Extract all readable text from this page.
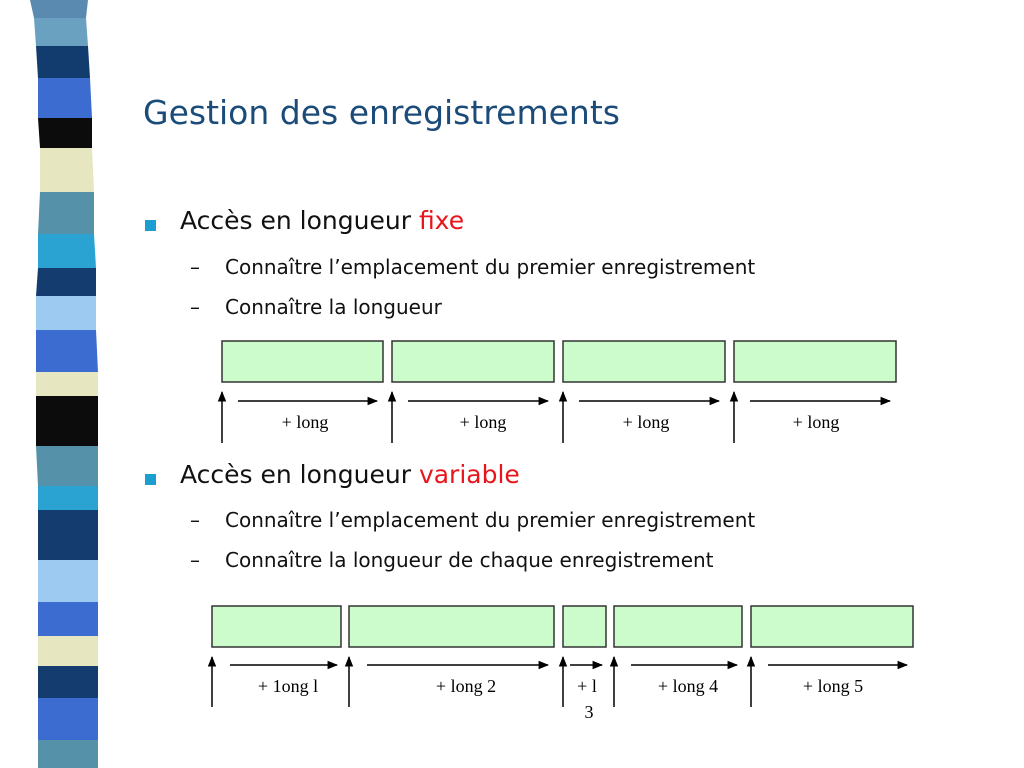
Gestion des enregistrements
Accès en longueur fixe
– Connaître l’emplacement du premier enregistrement
– Connaître la longueur
Accès en longueur variable
– Connaître l’emplacement du premier enregistrement
– Connaître la longueur de chaque enregistrement
+ long	+ long	+ long	+ long
+ 1ong l	+ long 2	+ l
3
+ long 4	+ long 5
